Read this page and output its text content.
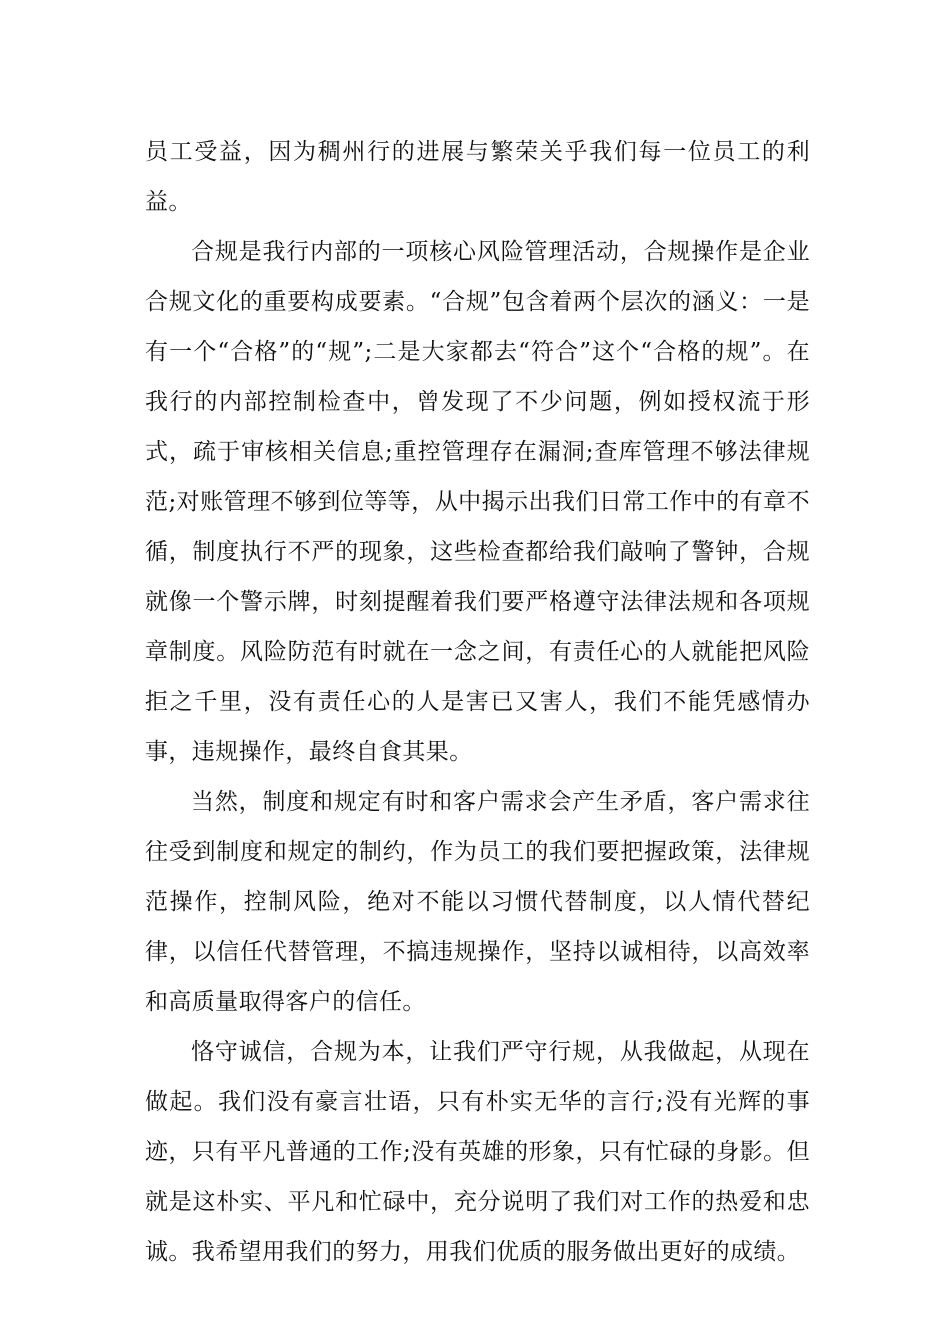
员工受益，因为稠州行的进展与繁荣关乎我们每一位员工的利益。

合规是我行内部的一项核心风险管理活动，合规操作是企业合规文化的重要构成要素。“合规”包含着两个层次的涵义：一是有一个“合格”的“规”;二是大家都去“符合”这个“合格的规”。在我行的内部控制检查中，曾发现了不少问题，例如授权流于形式，疏于审核相关信息;重控管理存在漏洞;查库管理不够法律规范;对账管理不够到位等等，从中揭示出我们日常工作中的有章不循，制度执行不严的现象，这些检查都给我们敲响了警钟，合规就像一个警示牌，时刻提醒着我们要严格遵守法律法规和各项规章制度。风险防范有时就在一念之间，有责任心的人就能把风险拒之千里，没有责任心的人是害已又害人，我们不能凭感情办事，违规操作，最终自食其果。

当然，制度和规定有时和客户需求会产生矛盾，客户需求往往受到制度和规定的制约，作为员工的我们要把握政策，法律规范操作，控制风险，绝对不能以习惯代替制度，以人情代替纪律，以信任代替管理，不搞违规操作，坚持以诚相待，以高效率和高质量取得客户的信任。

恪守诚信，合规为本，让我们严守行规，从我做起，从现在做起。我们没有豪言壮语，只有朴实无华的言行;没有光辉的事迹，只有平凡普通的工作;没有英雄的形象，只有忙碌的身影。但就是这朴实、平凡和忙碌中，充分说明了我们对工作的热爱和忠诚。我希望用我们的努力，用我们优质的服务做出更好的成绩。
